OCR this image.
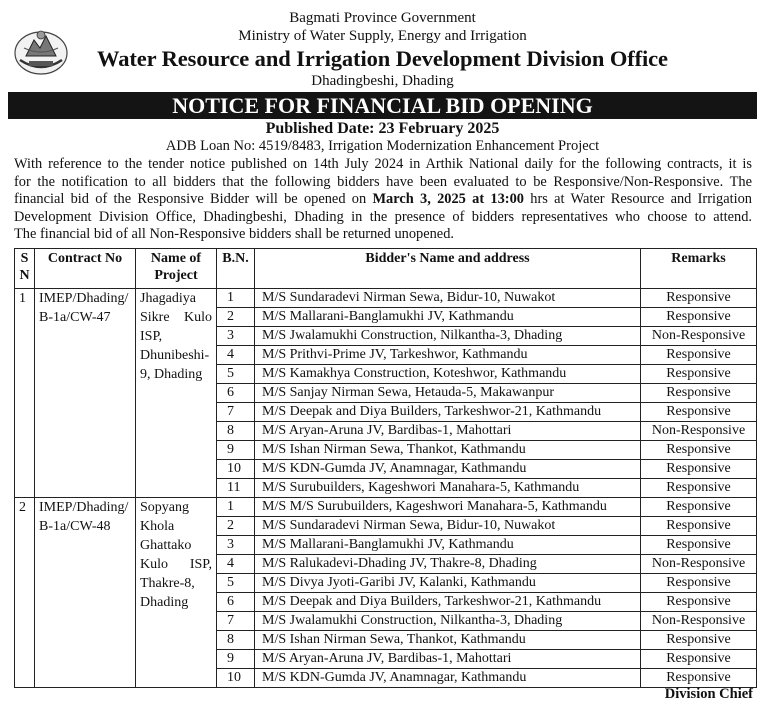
Bagmati Province Government
Ministry of Water Supply, Energy and Irrigation
Water Resource and Irrigation Development Division Office
Dhadingbeshi, Dhading
NOTICE FOR FINANCIAL BID OPENING
Published Date: 23 February 2025
ADB Loan No: 4519/8483, Irrigation Modernization Enhancement Project
With reference to the tender notice published on 14th July 2024 in Arthik National daily for the following contracts, it is
for the notification to all bidders that the following bidders have been evaluated to be Responsive/Non-Responsive. The
financial bid of the Responsive Bidder will be opened on March 3, 2025 at 13:00 hrs at Water Resource and Irrigation
Development Division Office, Dhadingbeshi, Dhading in the presence of bidders representatives who choose to attend.
The financial bid of all Non-Responsive bidders shall be returned unopened.
S N	Contract No	Name of Project	B.N.	Bidder's Name and address	Remarks
1	IMEP/Dhading/B-1a/CW-47	Jhagadiya Sikre Kulo ISP, Dhunibeshi-9, Dhading	1	M/S Sundaradevi Nirman Sewa, Bidur-10, Nuwakot	Responsive
			2	M/S Mallarani-Banglamukhi JV, Kathmandu	Responsive
			3	M/S Jwalamukhi Construction, Nilkantha-3, Dhading	Non-Responsive
			4	M/S Prithvi-Prime JV, Tarkeshwor, Kathmandu	Responsive
			5	M/S Kamakhya Construction, Koteshwor, Kathmandu	Responsive
			6	M/S Sanjay Nirman Sewa, Hetauda-5, Makawanpur	Responsive
			7	M/S Deepak and Diya Builders, Tarkeshwor-21, Kathmandu	Responsive
			8	M/S Aryan-Aruna JV, Bardibas-1, Mahottari	Non-Responsive
			9	M/S Ishan Nirman Sewa, Thankot, Kathmandu	Responsive
			10	M/S KDN-Gumda JV, Anamnagar, Kathmandu	Responsive
			11	M/S Surubuilders, Kageshwori Manahara-5, Kathmandu	Responsive
2	IMEP/Dhading/B-1a/CW-48	Sopyang Khola Ghattako Kulo ISP, Thakre-8, Dhading	1	M/S M/S Surubuilders, Kageshwori Manahara-5, Kathmandu	Responsive
			2	M/S Sundaradevi Nirman Sewa, Bidur-10, Nuwakot	Responsive
			3	M/S Mallarani-Banglamukhi JV, Kathmandu	Responsive
			4	M/S Ralukadevi-Dhading JV, Thakre-8, Dhading	Non-Responsive
			5	M/S Divya Jyoti-Garibi JV, Kalanki, Kathmandu	Responsive
			6	M/S Deepak and Diya Builders, Tarkeshwor-21, Kathmandu	Responsive
			7	M/S Jwalamukhi Construction, Nilkantha-3, Dhading	Non-Responsive
			8	M/S Ishan Nirman Sewa, Thankot, Kathmandu	Responsive
			9	M/S Aryan-Aruna JV, Bardibas-1, Mahottari	Responsive
			10	M/S KDN-Gumda JV, Anamnagar, Kathmandu	Responsive
Division Chief
